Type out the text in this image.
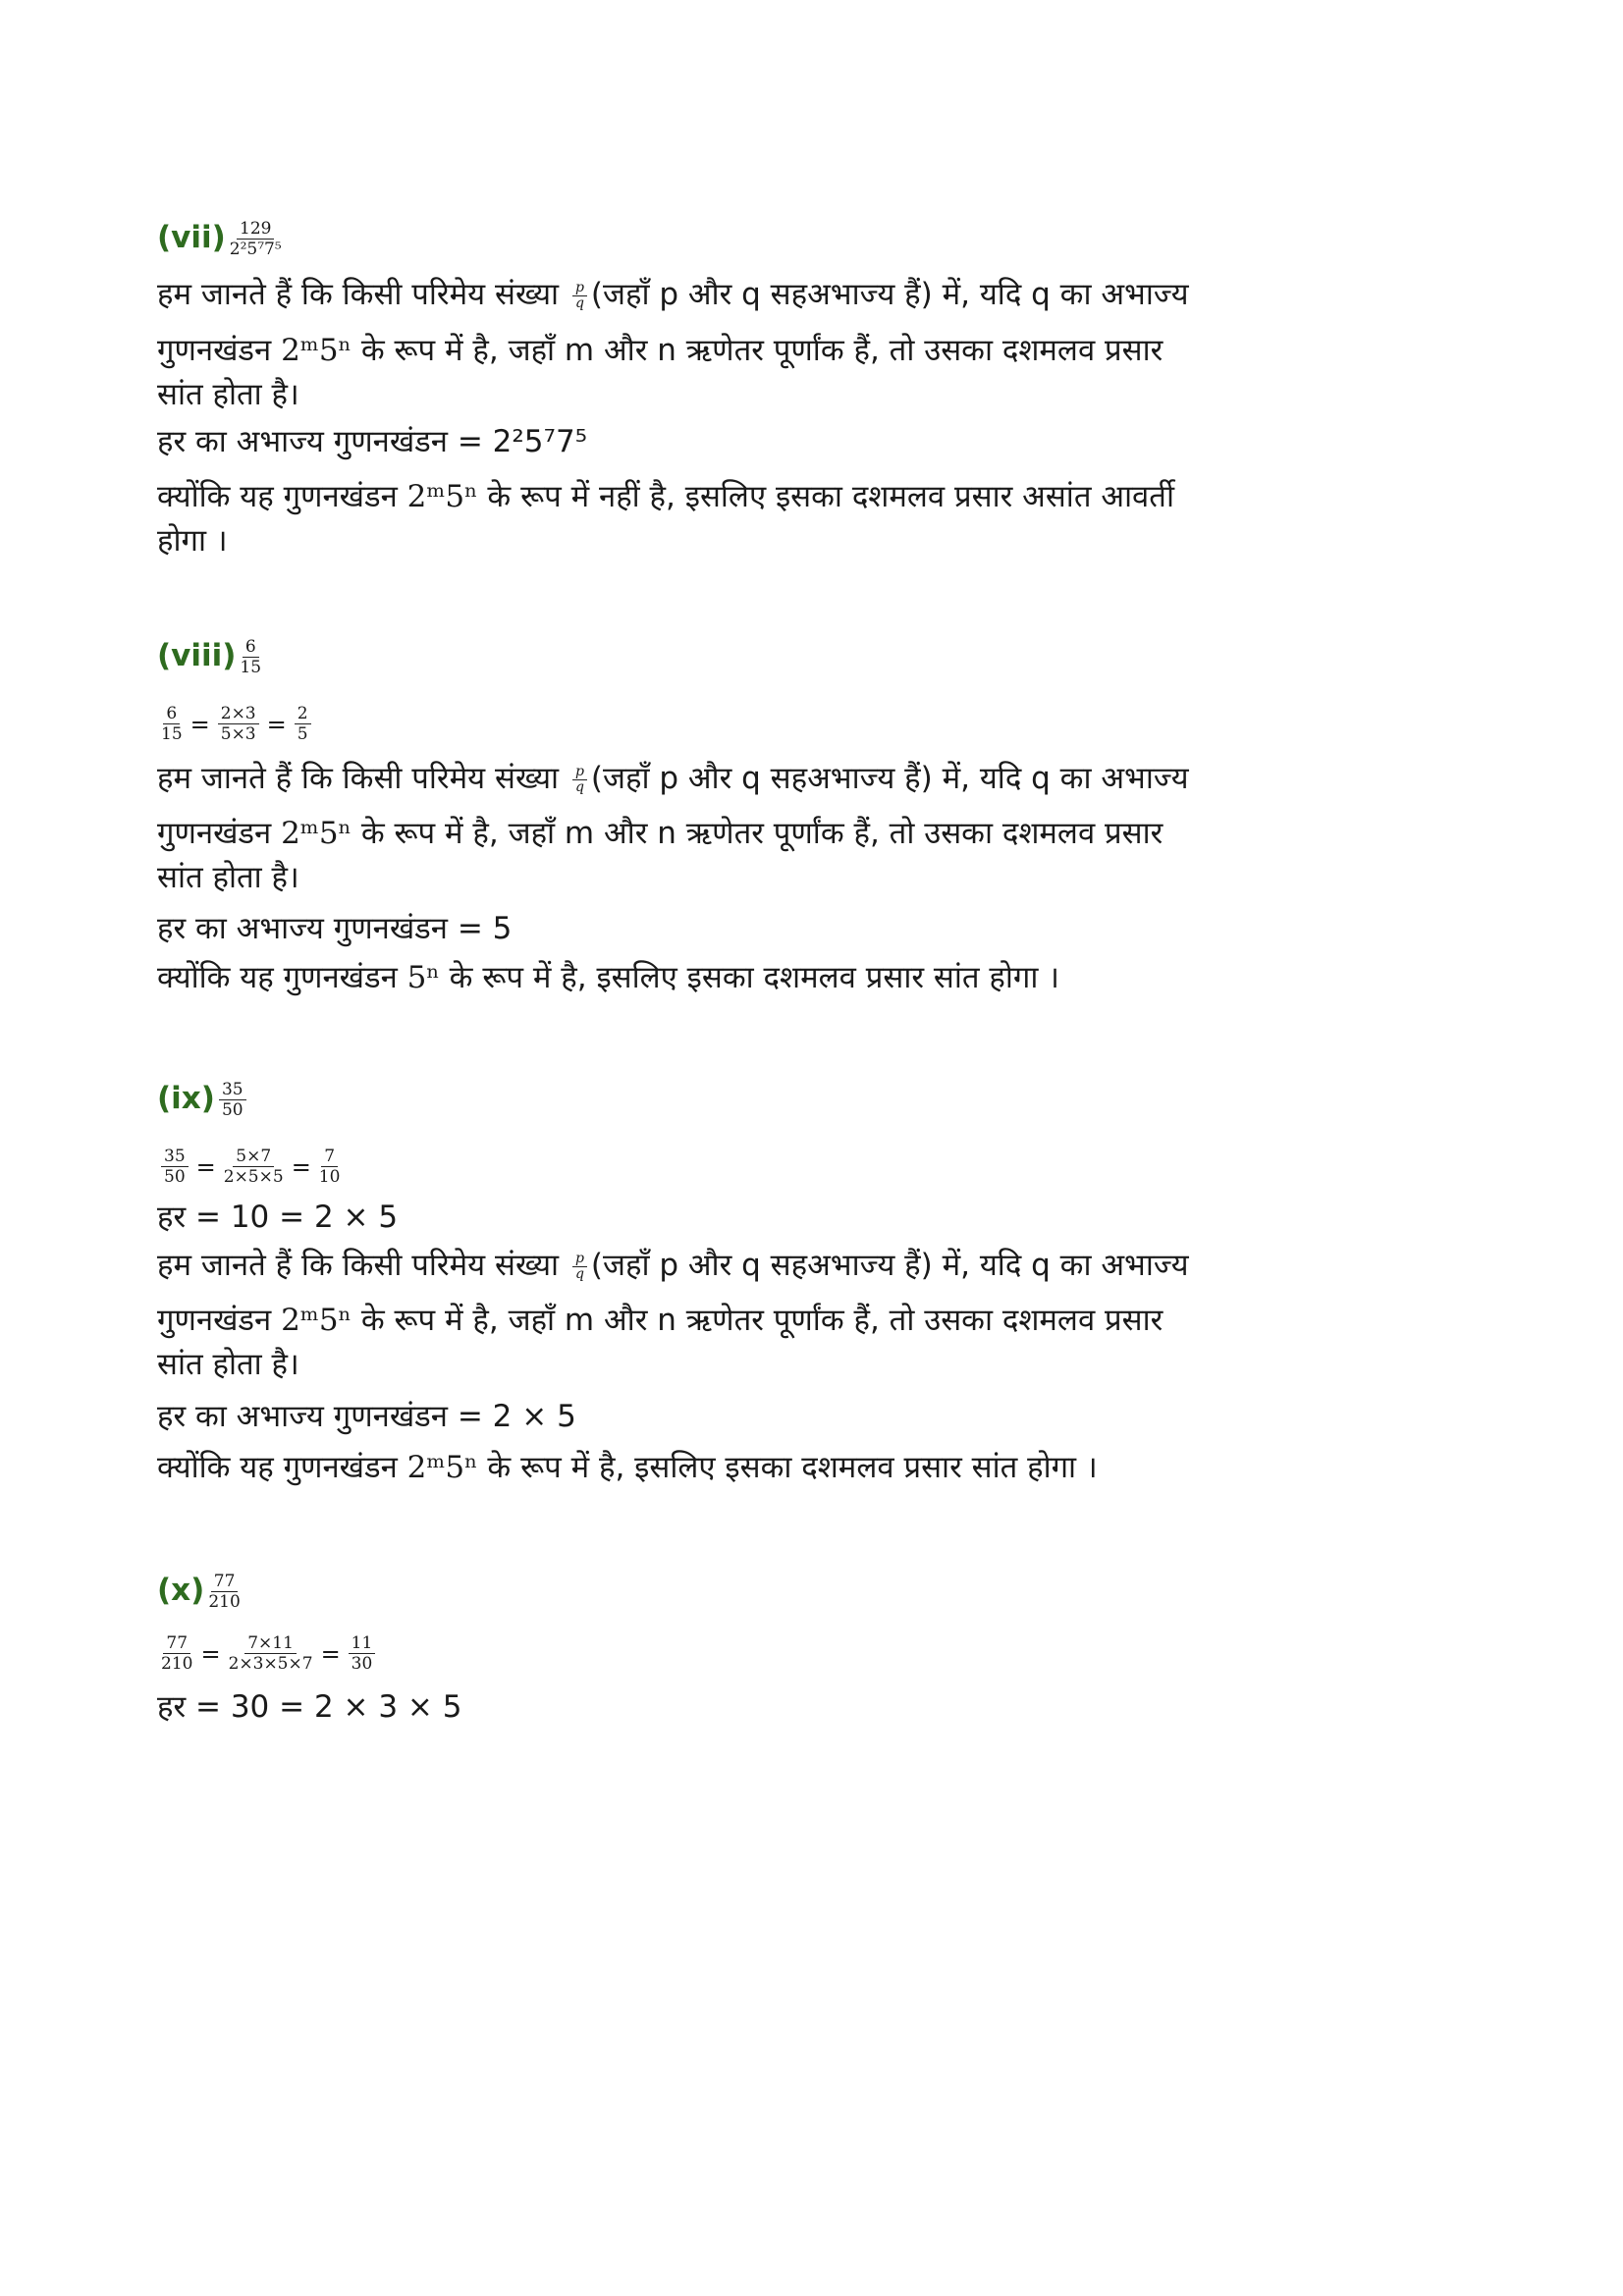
$(vii) \frac{129}{\text{2²5⁷7⁵}}$
हम जानते हैं कि किसी परिमेय संख्या $\frac{p}{q}$ (जहाँ p और q सहअभाज्य हैं) में, यदि q का अभाज्य
गुणनखंडन 2ᵐ5ⁿ के रूप में है, जहाँ m और n ऋणेतर पूर्णांक हैं, तो उसका दशमलव प्रसार
सांत होता है।
हर का अभाज्य गुणनखंडन = 2²5⁷7⁵
क्योंकि यह गुणनखंडन 2ᵐ5ⁿ के रूप में नहीं है, इसलिए इसका दशमलव प्रसार असांत आवर्ती
होगा ।
(viii) $\frac{6}{15}$
$\frac{6}{15} = \frac{2\times 3}{5\times 3} = \frac{2}{5}$
हम जानते हैं कि किसी परिमेय संख्या $\frac{p}{q}$ (जहाँ p और q सहअभाज्य हैं) में, यदि q का अभाज्य
गुणनखंडन 2ᵐ5ⁿ के रूप में है, जहाँ m और n ऋणेतर पूर्णांक हैं, तो उसका दशमलव प्रसार
सांत होता है।
हर का अभाज्य गुणनखंडन = 5
क्योंकि यह गुणनखंडन 5ⁿ के रूप में है, इसलिए इसका दशमलव प्रसार सांत होगा ।
$(ix) \frac{35}{50}$
$\frac{35}{50} = \frac{5\times 7}{2\times 5\times 5} = \frac{7}{10}$
हर = 10 = 2 × 5
हम जानते हैं कि किसी परिमेय संख्या $\frac{p}{q}$ (जहाँ p और q सहअभाज्य हैं) में, यदि q का अभाज्य
गुणनखंडन 2ᵐ5ⁿ के रूप में है, जहाँ m और n ऋणेतर पूर्णांक हैं, तो उसका दशमलव प्रसार
सांत होता है।
हर का अभाज्य गुणनखंडन = 2 × 5
क्योंकि यह गुणनखंडन 2ᵐ5ⁿ के रूप में है, इसलिए इसका दशमलव प्रसार सांत होगा ।
$(x) \frac{77}{210}$
$\frac{77}{210} = \frac{7\times 11}{2\times 3\times 5\times 7} = \frac{11}{30}$
हर = 30 = 2 × 3 × 5
